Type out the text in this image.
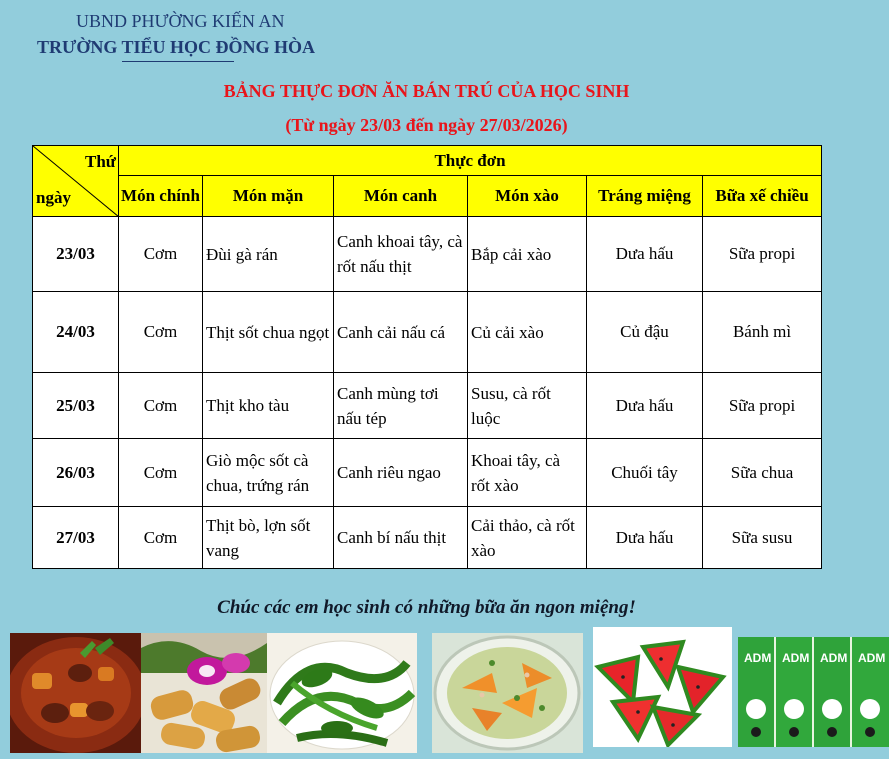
UBND PHƯỜNG KIẾN AN
TRƯỜNG TIỂU HỌC ĐỒNG HÒA
BẢNG THỰC ĐƠN ĂN BÁN TRÚ CỦA HỌC SINH
(Từ ngày 23/03 đến ngày 27/03/2026)
Thứ
ngày	Thực đơn					
	Món chính	Món mặn	Món canh	Món xào	Tráng miệng	Bữa xế chiều
23/03	Cơm	Đùi gà rán	Canh khoai tây, cà rốt nấu thịt	Bắp cải xào	Dưa hấu	Sữa propi
24/03	Cơm	Thịt sốt chua ngọt	Canh cải nấu cá	Củ cải xào	Củ đậu	Bánh mì
25/03	Cơm	Thịt kho tàu	Canh mùng tơi nấu tép	Susu, cà rốt luộc	Dưa hấu	Sữa propi
26/03	Cơm	Giò mộc sốt cà chua, trứng rán	Canh riêu ngao	Khoai tây, cà rốt xào	Chuối tây	Sữa chua
27/03	Cơm	Thịt bò, lợn sốt vang	Canh bí nấu thịt	Cải thảo, cà rốt xào	Dưa hấu	Sữa susu
Chúc các em học sinh có những bữa ăn ngon miệng!
ADM ADM ADM ADM
